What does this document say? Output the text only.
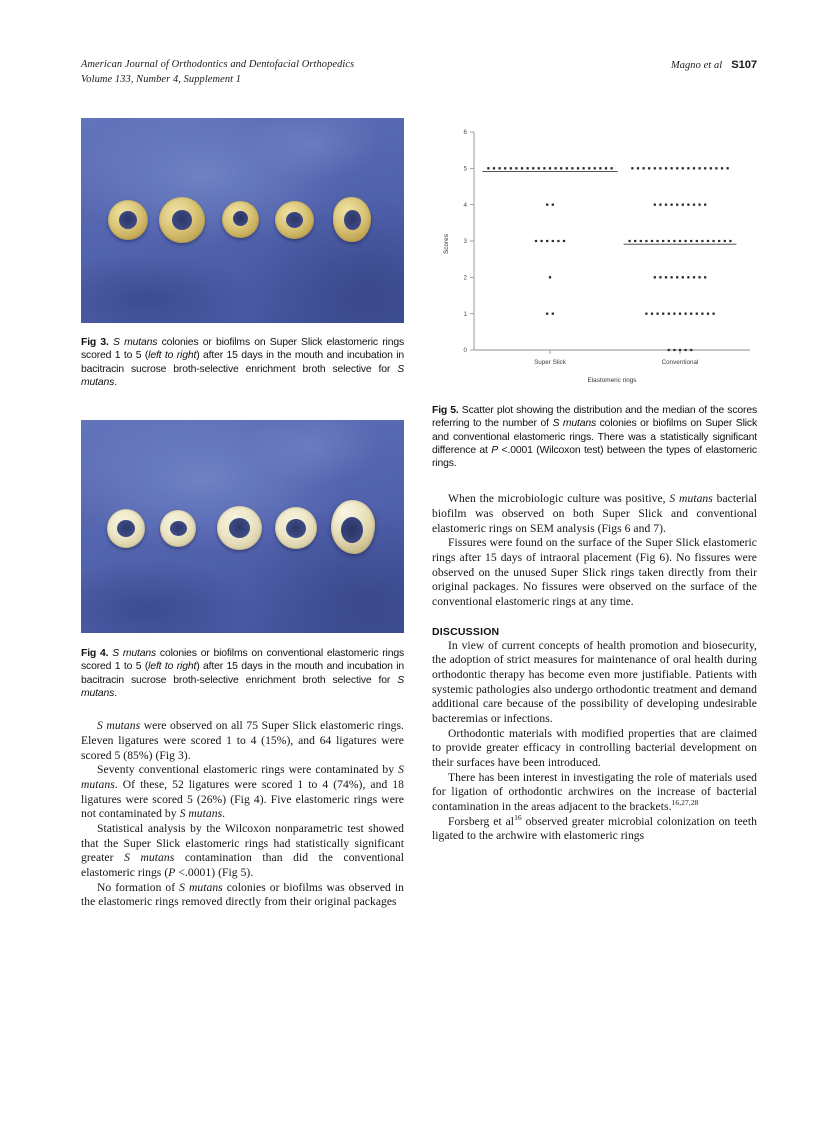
American Journal of Orthodontics and Dentofacial Orthopedics
Volume 133, Number 4, Supplement 1
Magno et al S107
Fig 3. S mutans colonies or biofilms on Super Slick elastomeric rings scored 1 to 5 (left to right) after 15 days in the mouth and incubation in bacitracin sucrose broth-selective enrichment broth selective for S mutans.
Fig 4. S mutans colonies or biofilms on conventional elastomeric rings scored 1 to 5 (left to right) after 15 days in the mouth and incubation in bacitracin sucrose broth-selective enrichment broth selective for S mutans.

S mutans were observed on all 75 Super Slick elastomeric rings. Eleven ligatures were scored 1 to 4 (15%), and 64 ligatures were scored 5 (85%) (Fig 3).

Seventy conventional elastomeric rings were contaminated by S mutans. Of these, 52 ligatures were scored 1 to 4 (74%), and 18 ligatures were scored 5 (26%) (Fig 4). Five elastomeric rings were not contaminated by S mutans.

Statistical analysis by the Wilcoxon nonparametric test showed that the Super Slick elastomeric rings had statistically significant greater S mutans contamination than did the conventional elastomeric rings (P <.0001) (Fig 5).

No formation of S mutans colonies or biofilms was observed in the elastomeric rings removed directly from their original packages

0
1
2
3
4
5
6
Scores
Super Slick	Conventional
Elastomeric rings
Fig 5. Scatter plot showing the distribution and the median of the scores referring to the number of S mutans colonies or biofilms on Super Slick and conventional elastomeric rings. There was a statistically significant difference at P <.0001 (Wilcoxon test) between the types of elastomeric rings.

When the microbiologic culture was positive, S mutans bacterial biofilm was observed on both Super Slick and conventional elastomeric rings on SEM analysis (Figs 6 and 7).

Fissures were found on the surface of the Super Slick elastomeric rings after 15 days of intraoral placement (Fig 6). No fissures were observed on the unused Super Slick rings taken directly from their original packages. No fissures were observed on the surface of the conventional elastomeric rings at any time.

DISCUSSION

In view of current concepts of health promotion and biosecurity, the adoption of strict measures for maintenance of oral health during orthodontic therapy has become even more justifiable. Patients with systemic pathologies also undergo orthodontic treatment and demand additional care because of the possibility of developing undesirable bacteremias or infections.

Orthodontic materials with modified properties that are claimed to provide greater efficacy in controlling bacterial development on their surfaces have been introduced.

There has been interest in investigating the role of materials used for ligation of orthodontic archwires on the increase of bacterial contamination in the areas adjacent to the brackets.$^{16,27,28}$

Forsberg et $al^{16}$ observed greater microbial colonization on teeth ligated to the archwire with elastomeric rings
